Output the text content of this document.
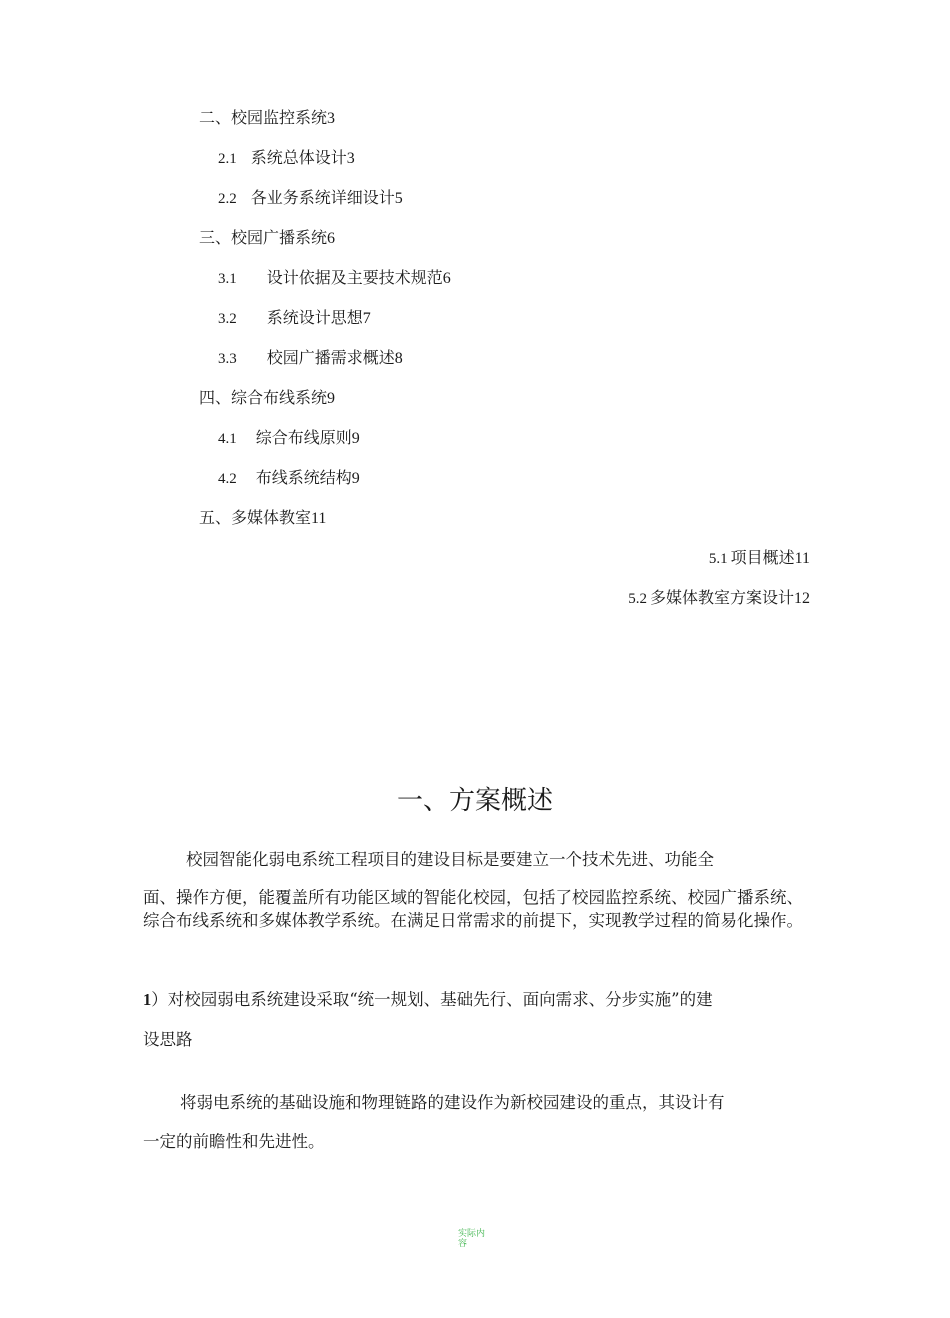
二、校园监控系统3
2.1 系统总体设计3
2.2 各业务系统详细设计5
三、校园广播系统6
3.1 设计依据及主要技术规范6
3.2 系统设计思想7
3.3 校园广播需求概述8
四、综合布线系统9
4.1 综合布线原则9
4.2 布线系统结构9
五、多媒体教室11
5.1 项目概述11
5.2 多媒体教室方案设计12
一、方案概述
校园智能化弱电系统工程项目的建设目标是要建立一个技术先进、功能全
面、操作方便，能覆盖所有功能区域的智能化校园，包括了校园监控系统、校园广播系统、综合布线系统和多媒体教学系统。在满足日常需求的前提下，实现教学过程的简易化操作。
1）对校园弱电系统建设采取“统一规划、基础先行、面向需求、分步实施”的建
设思路
将弱电系统的基础设施和物理链路的建设作为新校园建设的重点，其设计有
一定的前瞻性和先进性。
实际内容
